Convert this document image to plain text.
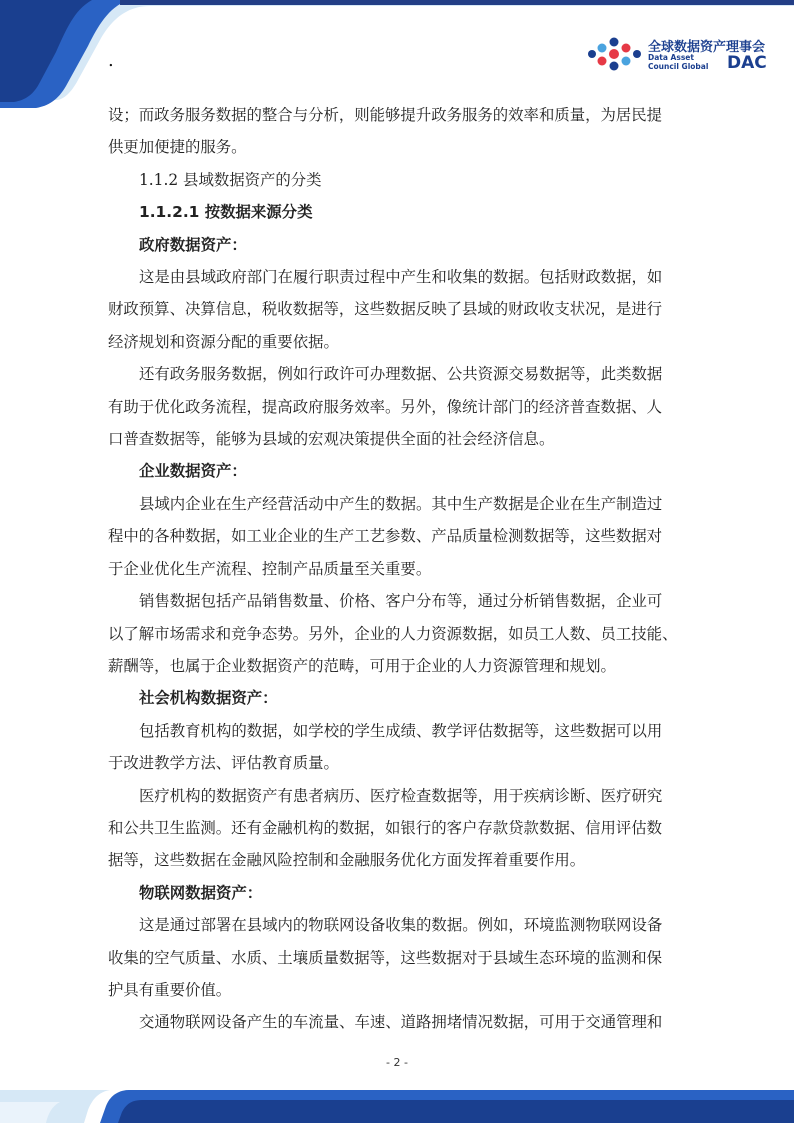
.
全球数据资产理事会
Data Asset
Council Global	DAC

设；而政务服务数据的整合与分析，则能够提升政务服务的效率和质量，为居民提
供更加便捷的服务。

1.1.2 县域数据资产的分类

1.1.2.1 按数据来源分类

政府数据资产：

这是由县域政府部门在履行职责过程中产生和收集的数据。包括财政数据，如
财政预算、决算信息，税收数据等，这些数据反映了县域的财政收支状况，是进行
经济规划和资源分配的重要依据。

还有政务服务数据，例如行政许可办理数据、公共资源交易数据等，此类数据
有助于优化政务流程，提高政府服务效率。另外，像统计部门的经济普查数据、人
口普查数据等，能够为县域的宏观决策提供全面的社会经济信息。

企业数据资产：

县域内企业在生产经营活动中产生的数据。其中生产数据是企业在生产制造过
程中的各种数据，如工业企业的生产工艺参数、产品质量检测数据等，这些数据对
于企业优化生产流程、控制产品质量至关重要。

销售数据包括产品销售数量、价格、客户分布等，通过分析销售数据，企业可
以了解市场需求和竞争态势。另外，企业的人力资源数据，如员工人数、员工技能、
薪酬等，也属于企业数据资产的范畴，可用于企业的人力资源管理和规划。

社会机构数据资产：

包括教育机构的数据，如学校的学生成绩、教学评估数据等，这些数据可以用
于改进教学方法、评估教育质量。

医疗机构的数据资产有患者病历、医疗检查数据等，用于疾病诊断、医疗研究
和公共卫生监测。还有金融机构的数据，如银行的客户存款贷款数据、信用评估数
据等，这些数据在金融风险控制和金融服务优化方面发挥着重要作用。

物联网数据资产：

这是通过部署在县域内的物联网设备收集的数据。例如，环境监测物联网设备
收集的空气质量、水质、土壤质量数据等，这些数据对于县域生态环境的监测和保
护具有重要价值。

交通物联网设备产生的车流量、车速、道路拥堵情况数据，可用于交通管理和

- 2 -
